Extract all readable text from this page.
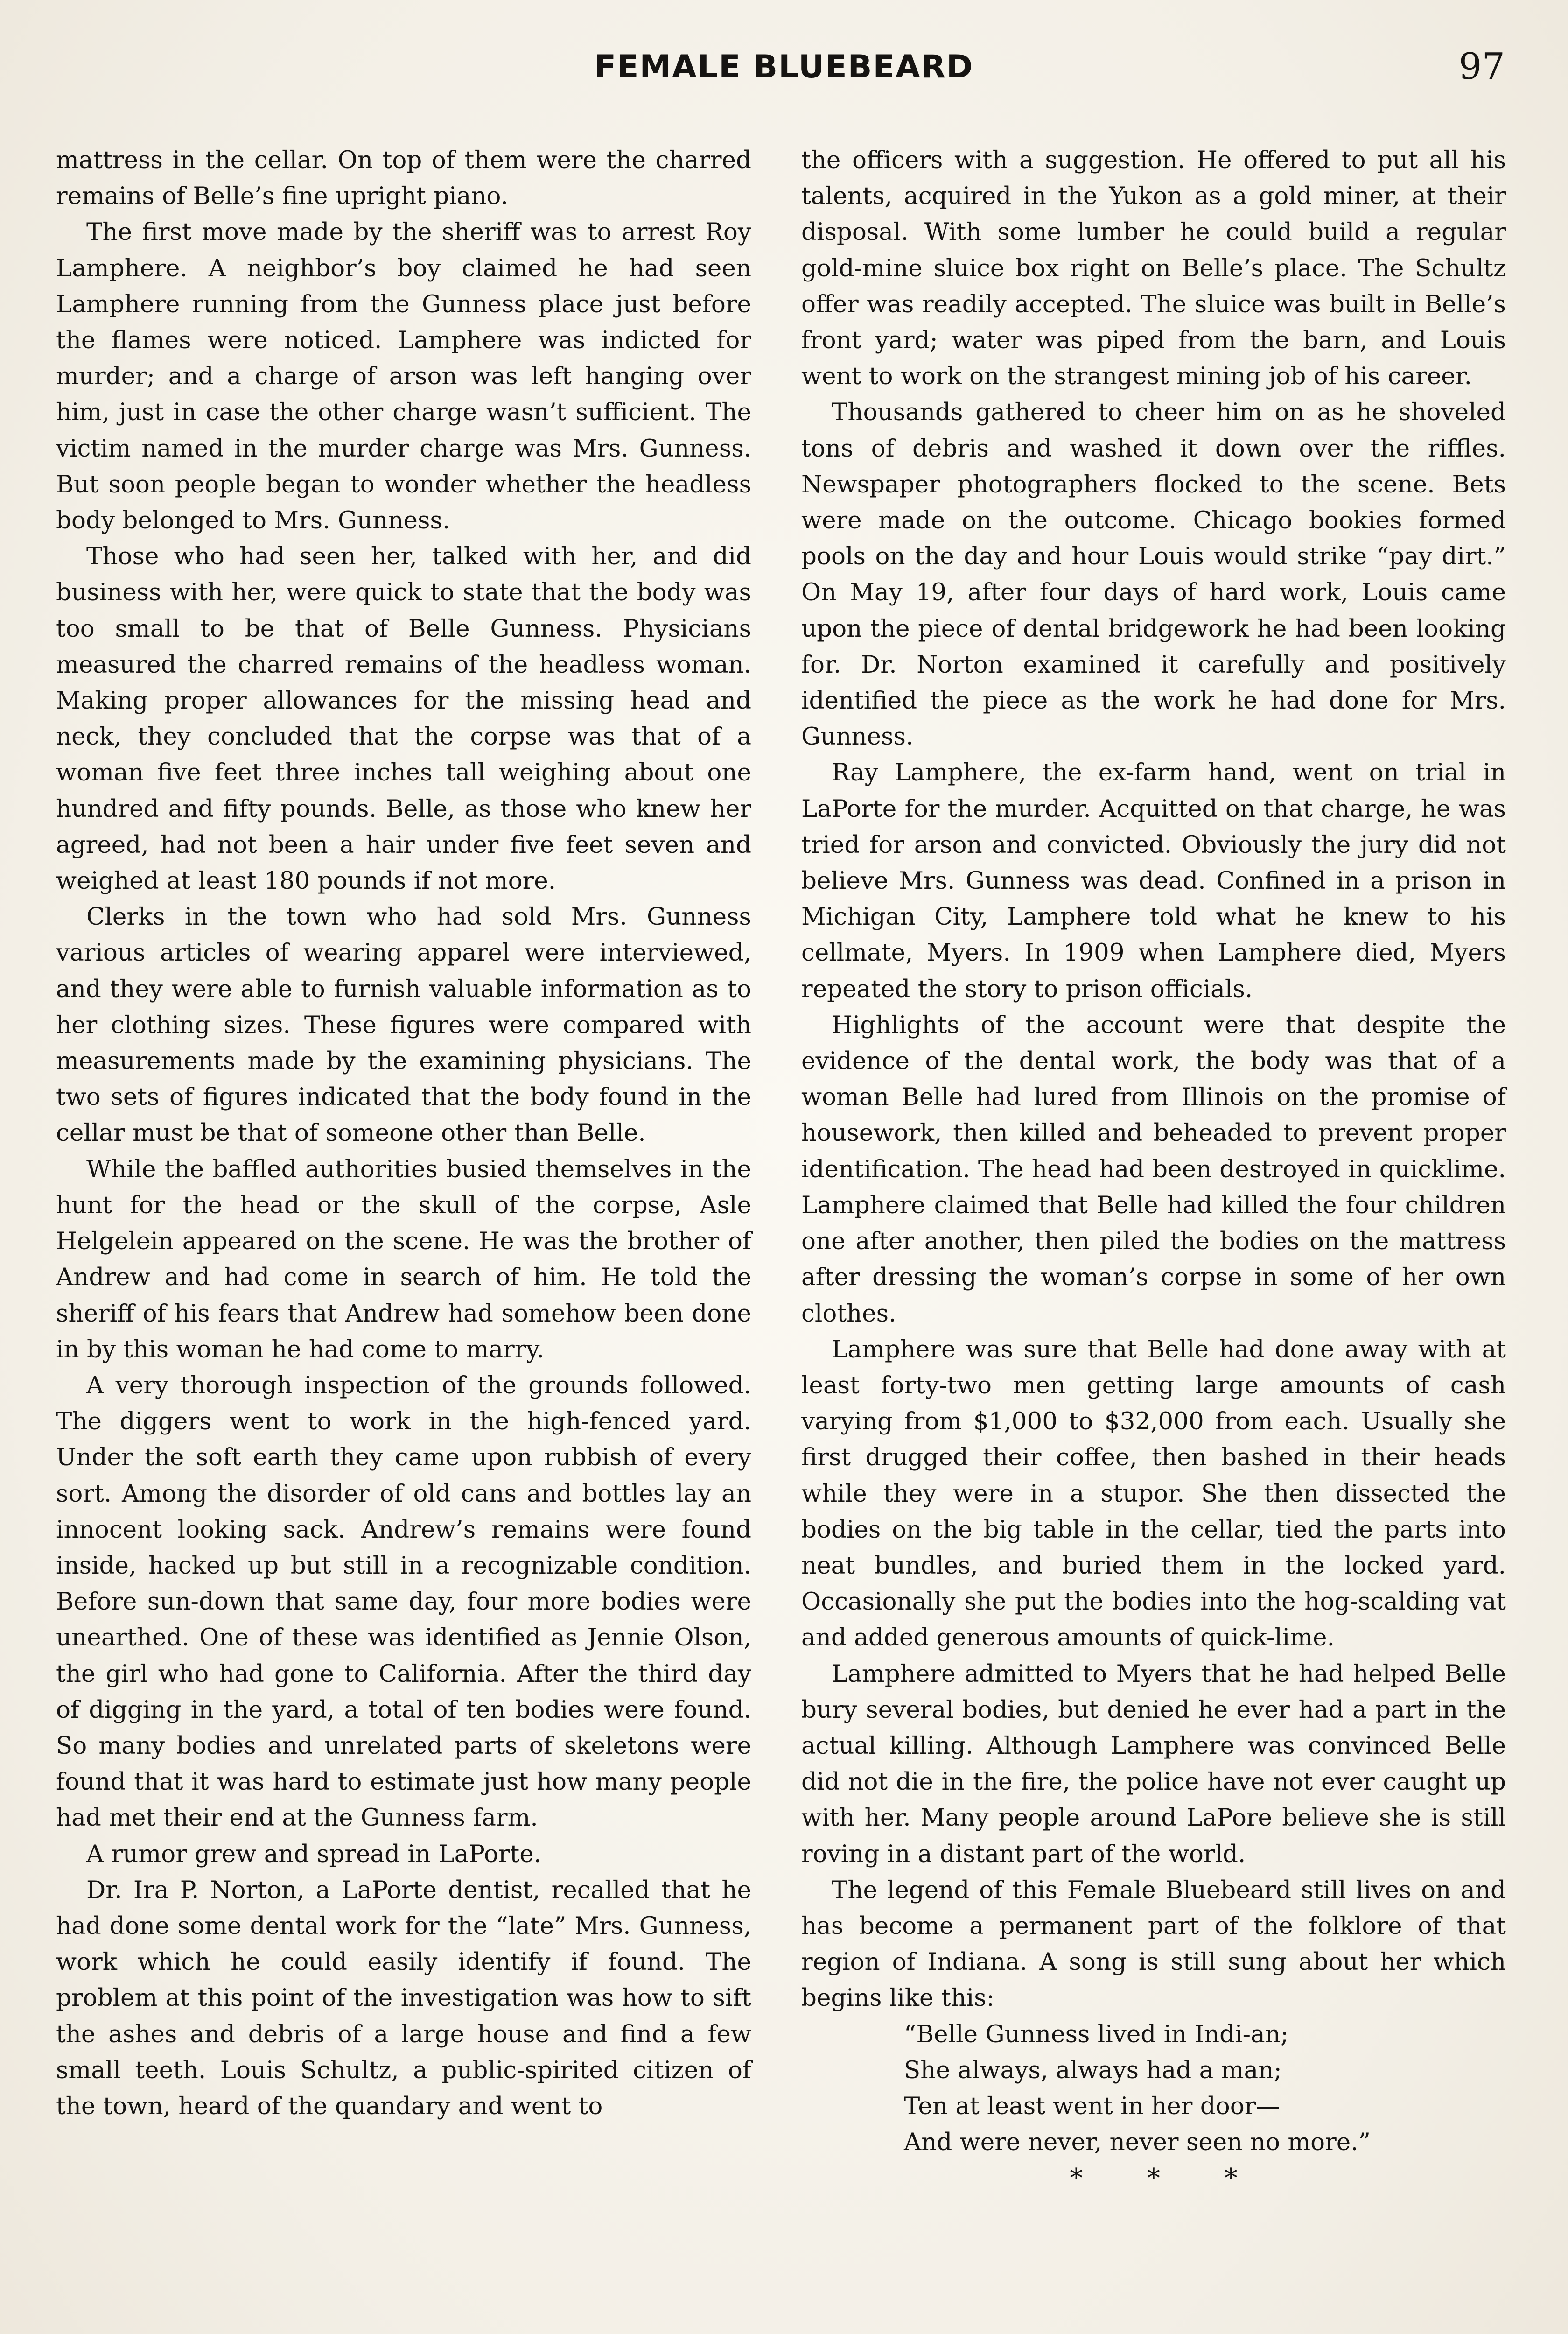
FEMALE BLUEBEARD	97

mattress in the cellar. On top of them were the charred remains of Belle’s fine upright piano.

The first move made by the sheriff was to arrest Roy Lamphere. A neighbor’s boy claimed he had seen Lamphere running from the Gunness place just before the flames were noticed. Lamphere was indicted for murder; and a charge of arson was left hanging over him, just in case the other charge wasn’t sufficient. The victim named in the murder charge was Mrs. Gunness. But soon people began to wonder whether the headless body belonged to Mrs. Gunness.

Those who had seen her, talked with her, and did business with her, were quick to state that the body was too small to be that of Belle Gunness. Physicians measured the charred remains of the headless woman. Making proper allowances for the missing head and neck, they concluded that the corpse was that of a woman five feet three inches tall weighing about one hundred and fifty pounds. Belle, as those who knew her agreed, had not been a hair under five feet seven and weighed at least 180 pounds if not more.

Clerks in the town who had sold Mrs. Gunness various articles of wearing apparel were interviewed, and they were able to furnish valuable information as to her clothing sizes. These figures were compared with measurements made by the examining physicians. The two sets of figures indicated that the body found in the cellar must be that of someone other than Belle.

While the baffled authorities busied themselves in the hunt for the head or the skull of the corpse, Asle Helgelein appeared on the scene. He was the brother of Andrew and had come in search of him. He told the sheriff of his fears that Andrew had somehow been done in by this woman he had come to marry.

A very thorough inspection of the grounds followed. The diggers went to work in the high-fenced yard. Under the soft earth they came upon rubbish of every sort. Among the disorder of old cans and bottles lay an innocent looking sack. Andrew’s remains were found inside, hacked up but still in a recognizable condition. Before sun-down that same day, four more bodies were unearthed. One of these was identified as Jennie Olson, the girl who had gone to California. After the third day of digging in the yard, a total of ten bodies were found. So many bodies and unrelated parts of skeletons were found that it was hard to estimate just how many people had met their end at the Gunness farm.

A rumor grew and spread in LaPorte.

Dr. Ira P. Norton, a LaPorte dentist, recalled that he had done some dental work for the “late” Mrs. Gunness, work which he could easily identify if found. The problem at this point of the investigation was how to sift the ashes and debris of a large house and find a few small teeth. Louis Schultz, a public-spirited citizen of the town, heard of the quandary and went to

the officers with a suggestion. He offered to put all his talents, acquired in the Yukon as a gold miner, at their disposal. With some lumber he could build a regular gold-mine sluice box right on Belle’s place. The Schultz offer was readily accepted. The sluice was built in Belle’s front yard; water was piped from the barn, and Louis went to work on the strangest mining job of his career.

Thousands gathered to cheer him on as he shoveled tons of debris and washed it down over the riffles. Newspaper photographers flocked to the scene. Bets were made on the outcome. Chicago bookies formed pools on the day and hour Louis would strike “pay dirt.” On May 19, after four days of hard work, Louis came upon the piece of dental bridgework he had been looking for. Dr. Norton examined it carefully and positively identified the piece as the work he had done for Mrs. Gunness.

Ray Lamphere, the ex-farm hand, went on trial in LaPorte for the murder. Acquitted on that charge, he was tried for arson and convicted. Obviously the jury did not believe Mrs. Gunness was dead. Confined in a prison in Michigan City, Lamphere told what he knew to his cellmate, Myers. In 1909 when Lamphere died, Myers repeated the story to prison officials.

Highlights of the account were that despite the evidence of the dental work, the body was that of a woman Belle had lured from Illinois on the promise of housework, then killed and beheaded to prevent proper identification. The head had been destroyed in quicklime. Lamphere claimed that Belle had killed the four children one after another, then piled the bodies on the mattress after dressing the woman’s corpse in some of her own clothes.

Lamphere was sure that Belle had done away with at least forty-two men getting large amounts of cash varying from $1,000 to $32,000 from each. Usually she first drugged their coffee, then bashed in their heads while they were in a stupor. She then dissected the bodies on the big table in the cellar, tied the parts into neat bundles, and buried them in the locked yard. Occasionally she put the bodies into the hog-scalding vat and added generous amounts of quick-lime.

Lamphere admitted to Myers that he had helped Belle bury several bodies, but denied he ever had a part in the actual killing. Although Lamphere was convinced Belle did not die in the fire, the police have not ever caught up with her. Many people around LaPore believe she is still roving in a distant part of the world.

The legend of this Female Bluebeard still lives on and has become a permanent part of the folklore of that region of Indiana. A song is still sung about her which begins like this:

“Belle Gunness lived in Indi-an;
She always, always had a man;
Ten at least went in her door—
And were never, never seen no more.”
* * *
